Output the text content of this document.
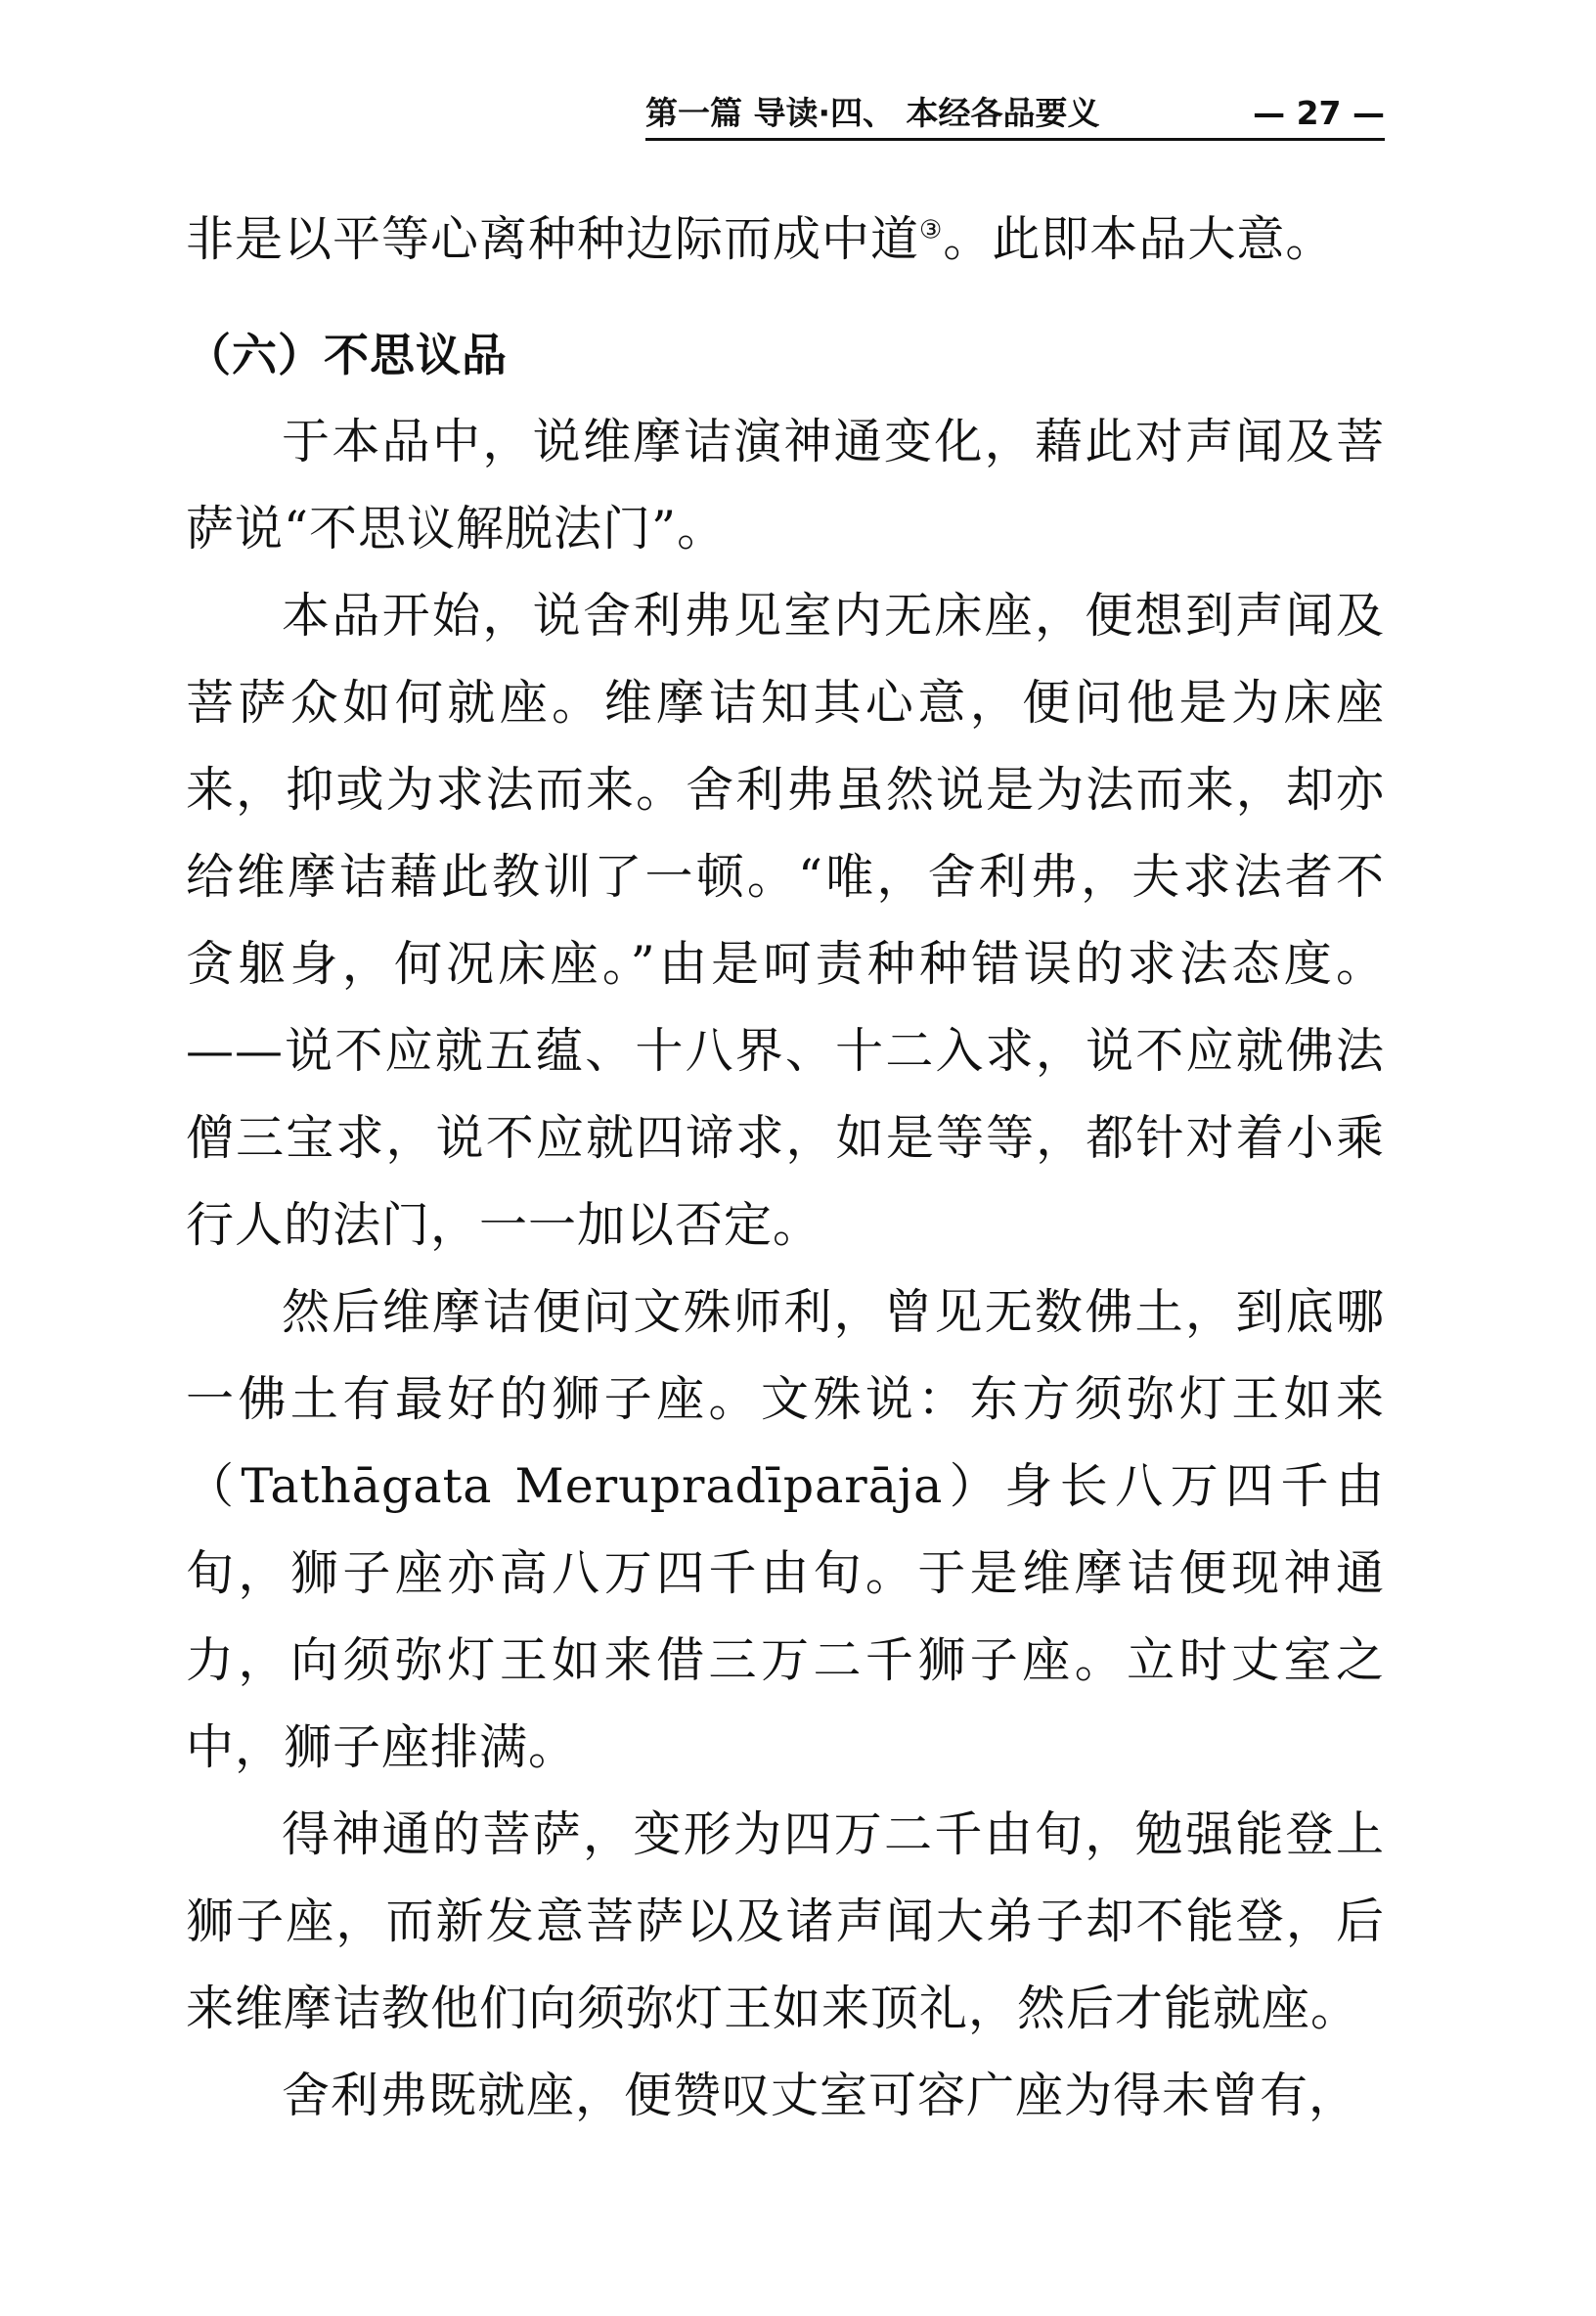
第一篇 导读·四、 本经各品要义	— 27 —

非是以平等心离种种边际而成中道③。此即本品大意。

（六）不思议品

于本品中，说维摩诘演神通变化，藉此对声闻及菩萨说“不思议解脱法门”。

本品开始，说舍利弗见室内无床座，便想到声闻及菩萨众如何就座。维摩诘知其心意，便问他是为床座来，抑或为求法而来。舍利弗虽然说是为法而来，却亦给维摩诘藉此教训了一顿。“唯，舍利弗，夫求法者不贪躯身，何况床座。”由是呵责种种错误的求法态度。——说不应就五蕴、十八界、十二入求，说不应就佛法僧三宝求，说不应就四谛求，如是等等，都针对着小乘行人的法门，一一加以否定。

然后维摩诘便问文殊师利，曾见无数佛土，到底哪一佛土有最好的狮子座。文殊说：东方须弥灯王如来（Tathāgata Merupradīparāja）身长八万四千由旬，狮子座亦高八万四千由旬。于是维摩诘便现神通力，向须弥灯王如来借三万二千狮子座。立时丈室之中，狮子座排满。

得神通的菩萨，变形为四万二千由旬，勉强能登上狮子座，而新发意菩萨以及诸声闻大弟子却不能登，后来维摩诘教他们向须弥灯王如来顶礼，然后才能就座。

舍利弗既就座，便赞叹丈室可容广座为得未曾有，
